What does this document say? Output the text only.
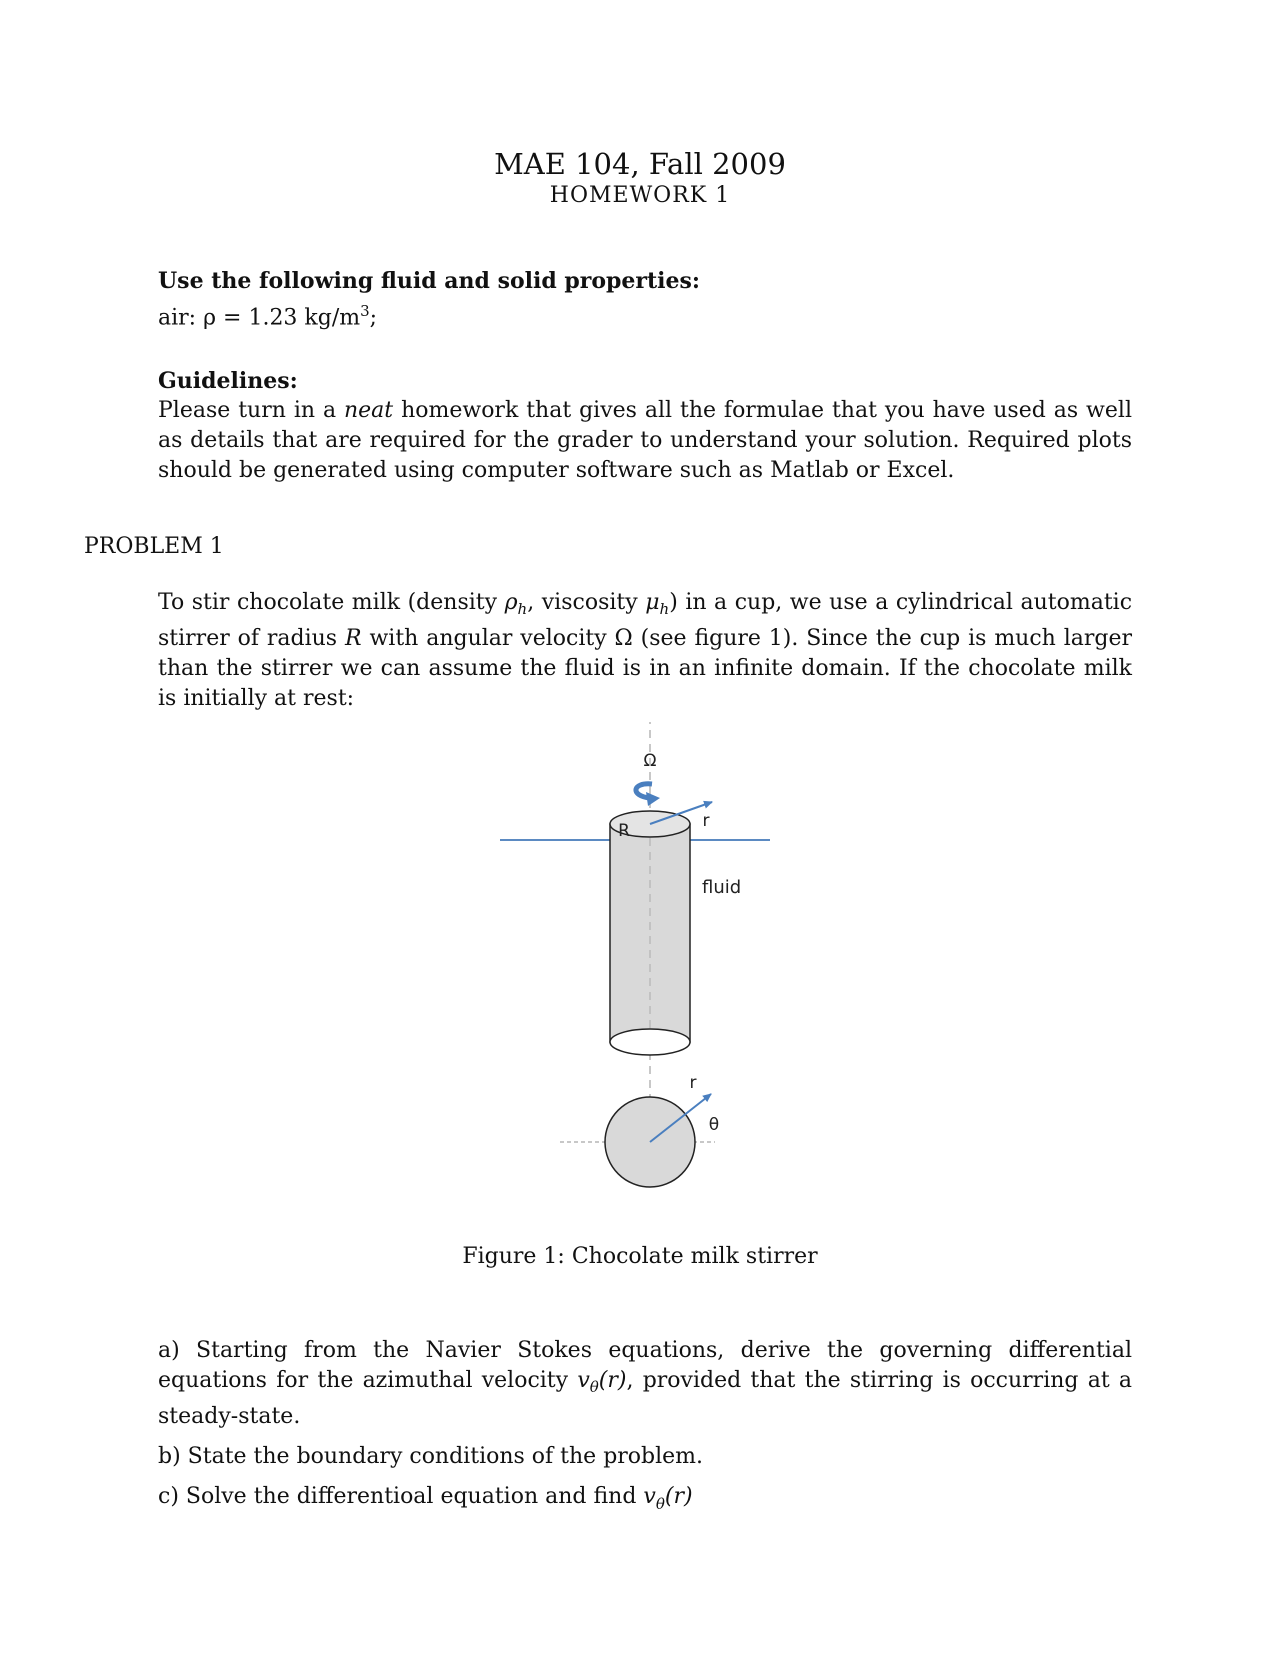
MAE 104, Fall 2009
HOMEWORK 1
Use the following fluid and solid properties:
air: ρ = 1.23 $kg/m^3$;
Guidelines:
Please turn in a neat homework that gives all the formulae that you have used as well as details that are required for the grader to understand your solution. Required plots should be generated using computer software such as Matlab or Excel.
PROBLEM 1
To stir chocolate milk (density $\rho_h$, viscosity $\mu_h$) in a cup, we use a cylindrical automatic stirrer of radius R with angular velocity Ω (see figure 1). Since the cup is much larger than the stirrer we can assume the fluid is in an infinite domain. If the chocolate milk is initially at rest:
Ω
R	r
fluid
r
θ
Figure 1: Chocolate milk stirrer

a) Starting from the Navier Stokes equations, derive the governing differential equations for the azimuthal velocity $v_\theta(r)$, provided that the stirring is occurring at a steady-state.

b) State the boundary conditions of the problem.

c) Solve the differentioal equation and find $v_\theta(r)$
